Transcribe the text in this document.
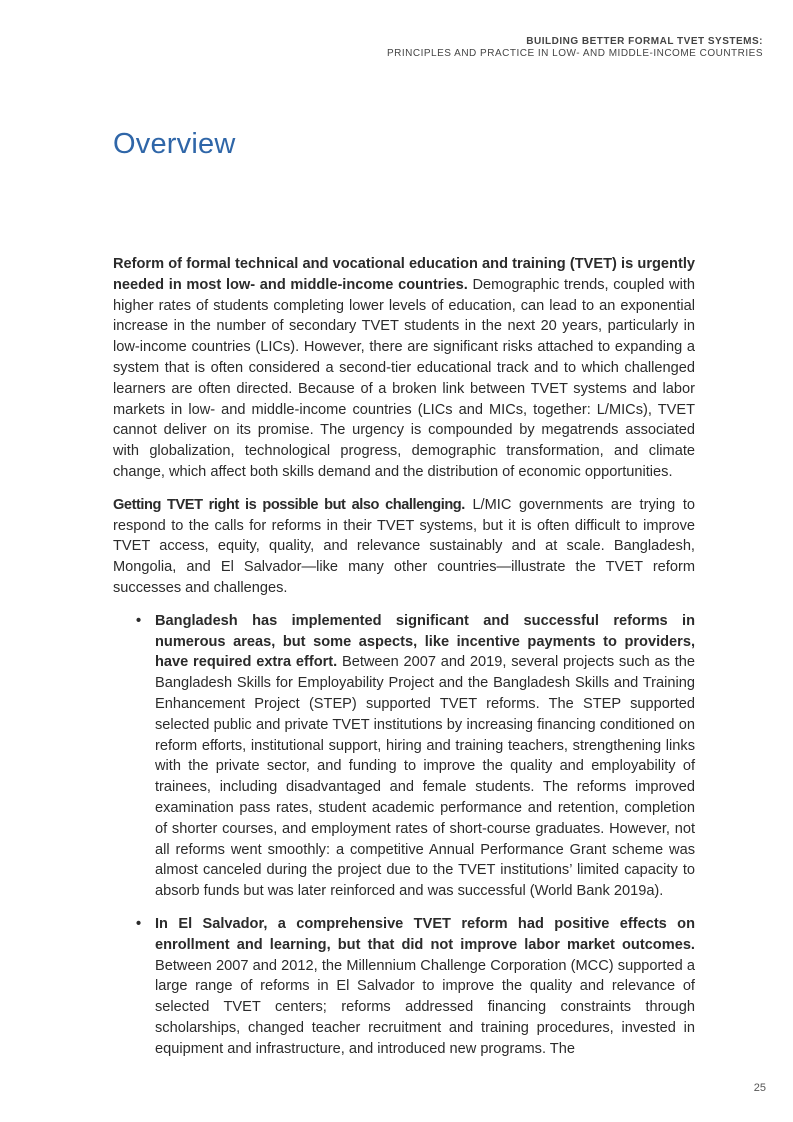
BUILDING BETTER FORMAL TVET SYSTEMS:
PRINCIPLES AND PRACTICE IN LOW- AND MIDDLE-INCOME COUNTRIES
Overview

Reform of formal technical and vocational education and training (TVET) is urgently needed in most low- and middle-income countries. Demographic trends, coupled with higher rates of students completing lower levels of education, can lead to an exponential increase in the number of secondary TVET students in the next 20 years, particularly in low-income countries (LICs). However, there are significant risks attached to expanding a system that is often considered a second-tier educational track and to which challenged learners are often directed. Because of a broken link between TVET systems and labor markets in low- and middle-income countries (LICs and MICs, together: L/MICs), TVET cannot deliver on its promise. The urgency is compounded by megatrends associated with globalization, technological progress, demographic transformation, and climate change, which affect both skills demand and the distribution of economic opportunities.

Getting TVET right is possible but also challenging. L/MIC governments are trying to respond to the calls for reforms in their TVET systems, but it is often difficult to improve TVET access, equity, quality, and relevance sustainably and at scale. Bangladesh, Mongolia, and El Salvador—like many other countries—illustrate the TVET reform successes and challenges.

• Bangladesh has implemented significant and successful reforms in numerous areas, but some aspects, like incentive payments to providers, have required extra effort. Between 2007 and 2019, several projects such as the Bangladesh Skills for Employability Project and the Bangladesh Skills and Training Enhancement Project (STEP) supported TVET reforms. The STEP supported selected public and private TVET institutions by increasing financing conditioned on reform efforts, institutional support, hiring and training teachers, strengthening links with the private sector, and funding to improve the quality and employability of trainees, including disadvantaged and female students. The reforms improved examination pass rates, student academic performance and retention, completion of shorter courses, and employment rates of short-course graduates. However, not all reforms went smoothly: a competitive Annual Performance Grant scheme was almost canceled during the project due to the TVET institutions’ limited capacity to absorb funds but was later reinforced and was successful (World Bank 2019a).
• In El Salvador, a comprehensive TVET reform had positive effects on enrollment and learning, but that did not improve labor market outcomes. Between 2007 and 2012, the Millennium Challenge Corporation (MCC) supported a large range of reforms in El Salvador to improve the quality and relevance of selected TVET centers; reforms addressed financing constraints through scholarships, changed teacher recruitment and training procedures, invested in equipment and infrastructure, and introduced new programs. The
25
